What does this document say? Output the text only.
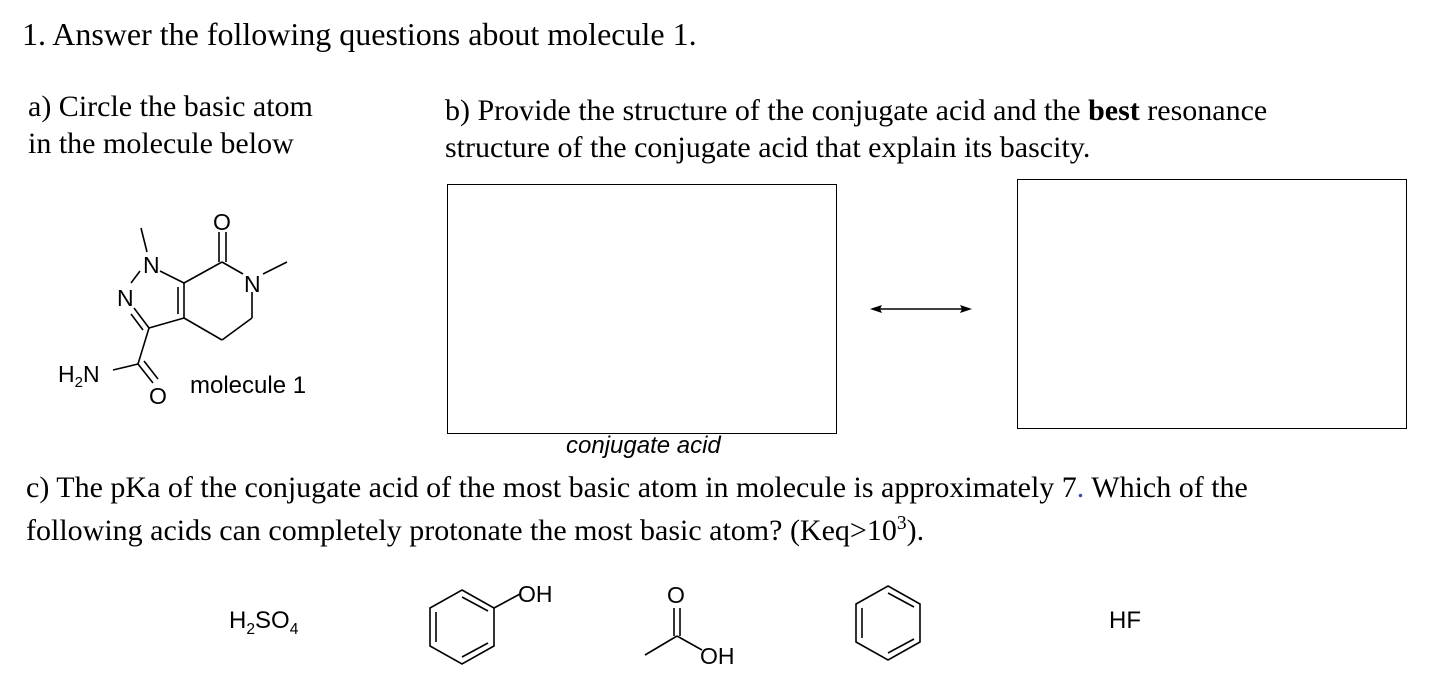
1. Answer the following questions about molecule 1.
a) Circle the basic atom
in the molecule below
b) Provide the structure of the conjugate acid and the best resonance
structure of the conjugate acid that explain its bascity.
O
N
N
N
$H_2N$
O molecule 1
conjugate acid
c) The pKa of the conjugate acid of the most basic atom in molecule is approximately 7. Which of the
following acids can completely protonate the most basic atom? $(Keq>10^3)$.
$H_2SO_4$
OH	O
OH
HF
